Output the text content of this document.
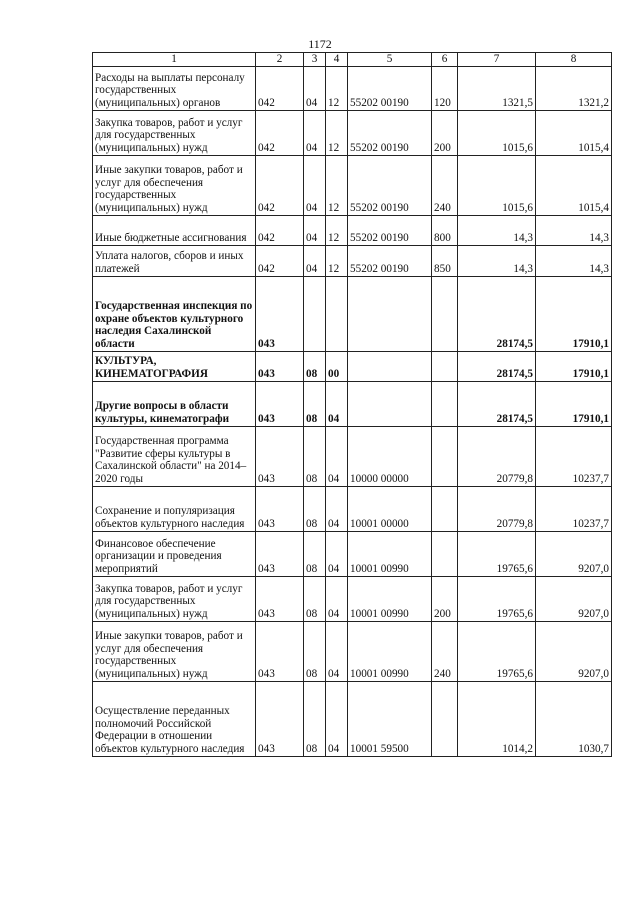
1172
1	2	3	4	5	6	7	8
Расходы на выплаты персоналу государственных (муниципальных) органов	042	04	12	55202 00190	120	1321,5	1321,2
Закупка товаров, работ и услуг для государственных (муниципальных) нужд	042	04	12	55202 00190	200	1015,6	1015,4
Иные закупки товаров, работ и услуг для обеспечения государственных (муниципальных) нужд	042	04	12	55202 00190	240	1015,6	1015,4
Иные бюджетные ассигнования	042	04	12	55202 00190	800	14,3	14,3
Уплата налогов, сборов и иных платежей	042	04	12	55202 00190	850	14,3	14,3
Государственная инспекция по охране объектов культурного наследия Сахалинской области	043					28174,5	17910,1
КУЛЬТУРА, КИНЕМАТОГРАФИЯ	043	08	00			28174,5	17910,1
Другие вопросы в области культуры, кинематографи	043	08	04			28174,5	17910,1
Государственная программа "Развитие сферы культуры в Сахалинской области" на 2014–2020 годы	043	08	04	10000 00000		20779,8	10237,7
Сохранение и популяризация объектов культурного наследия	043	08	04	10001 00000		20779,8	10237,7
Финансовое обеспечение организации и проведения мероприятий	043	08	04	10001 00990		19765,6	9207,0
Закупка товаров, работ и услуг для государственных (муниципальных) нужд	043	08	04	10001 00990	200	19765,6	9207,0
Иные закупки товаров, работ и услуг для обеспечения государственных (муниципальных) нужд	043	08	04	10001 00990	240	19765,6	9207,0
Осуществление переданных полномочий Российской Федерации в отношении объектов культурного наследия	043	08	04	10001 59500		1014,2	1030,7
